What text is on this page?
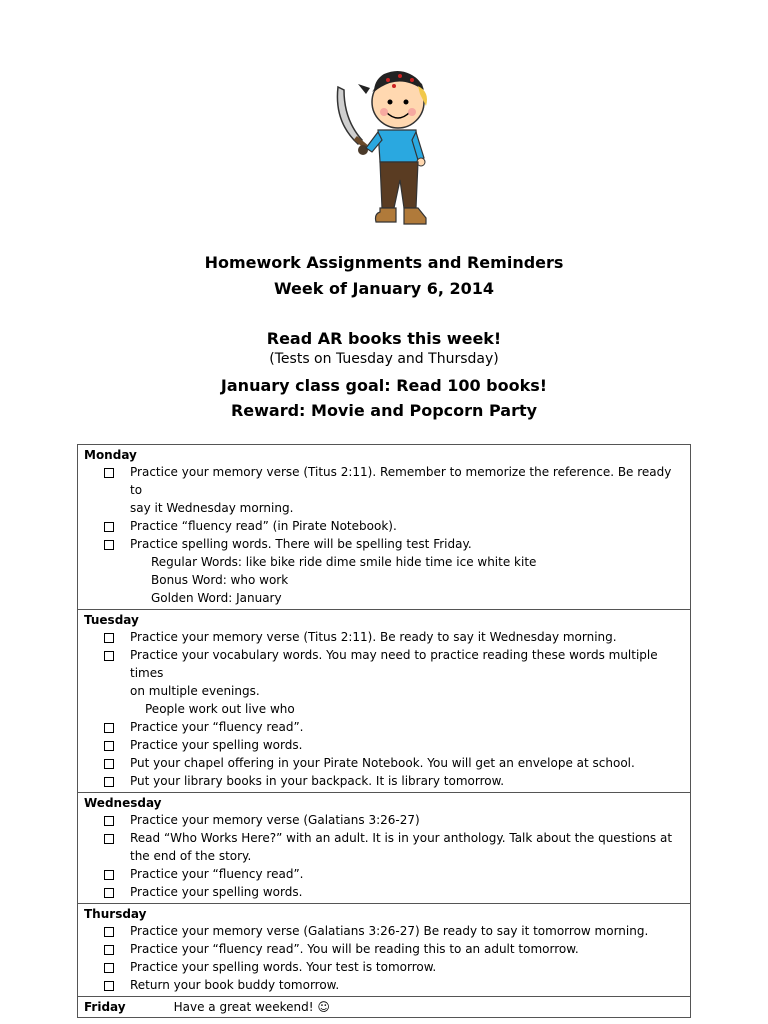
Homework Assignments and Reminders
Week of January 6, 2014
Read AR books this week!
(Tests on Tuesday and Thursday)
January class goal: Read 100 books!
Reward: Movie and Popcorn Party
Monday
Practice your memory verse (Titus 2:11). Remember to memorize the reference. Be ready to
say it Wednesday morning.
Practice “fluency read” (in Pirate Notebook).
Practice spelling words. There will be spelling test Friday.
Regular Words: like bike ride dime smile hide time ice white kite
Bonus Word: who work
Golden Word: January

Tuesday
Practice your memory verse (Titus 2:11). Be ready to say it Wednesday morning.
Practice your vocabulary words. You may need to practice reading these words multiple times
on multiple evenings.
People work out live who
Practice your “fluency read”.
Practice your spelling words.
Put your chapel offering in your Pirate Notebook. You will get an envelope at school.
Put your library books in your backpack. It is library tomorrow.

Wednesday
Practice your memory verse (Galatians 3:26-27)
Read “Who Works Here?” with an adult. It is in your anthology. Talk about the questions at
the end of the story.
Practice your “fluency read”.
Practice your spelling words.

Thursday
Practice your memory verse (Galatians 3:26-27) Be ready to say it tomorrow morning.
Practice your “fluency read”. You will be reading this to an adult tomorrow.
Practice your spelling words. Your test is tomorrow.
Return your book buddy tomorrow.

Friday	Have a great weekend! ☺
